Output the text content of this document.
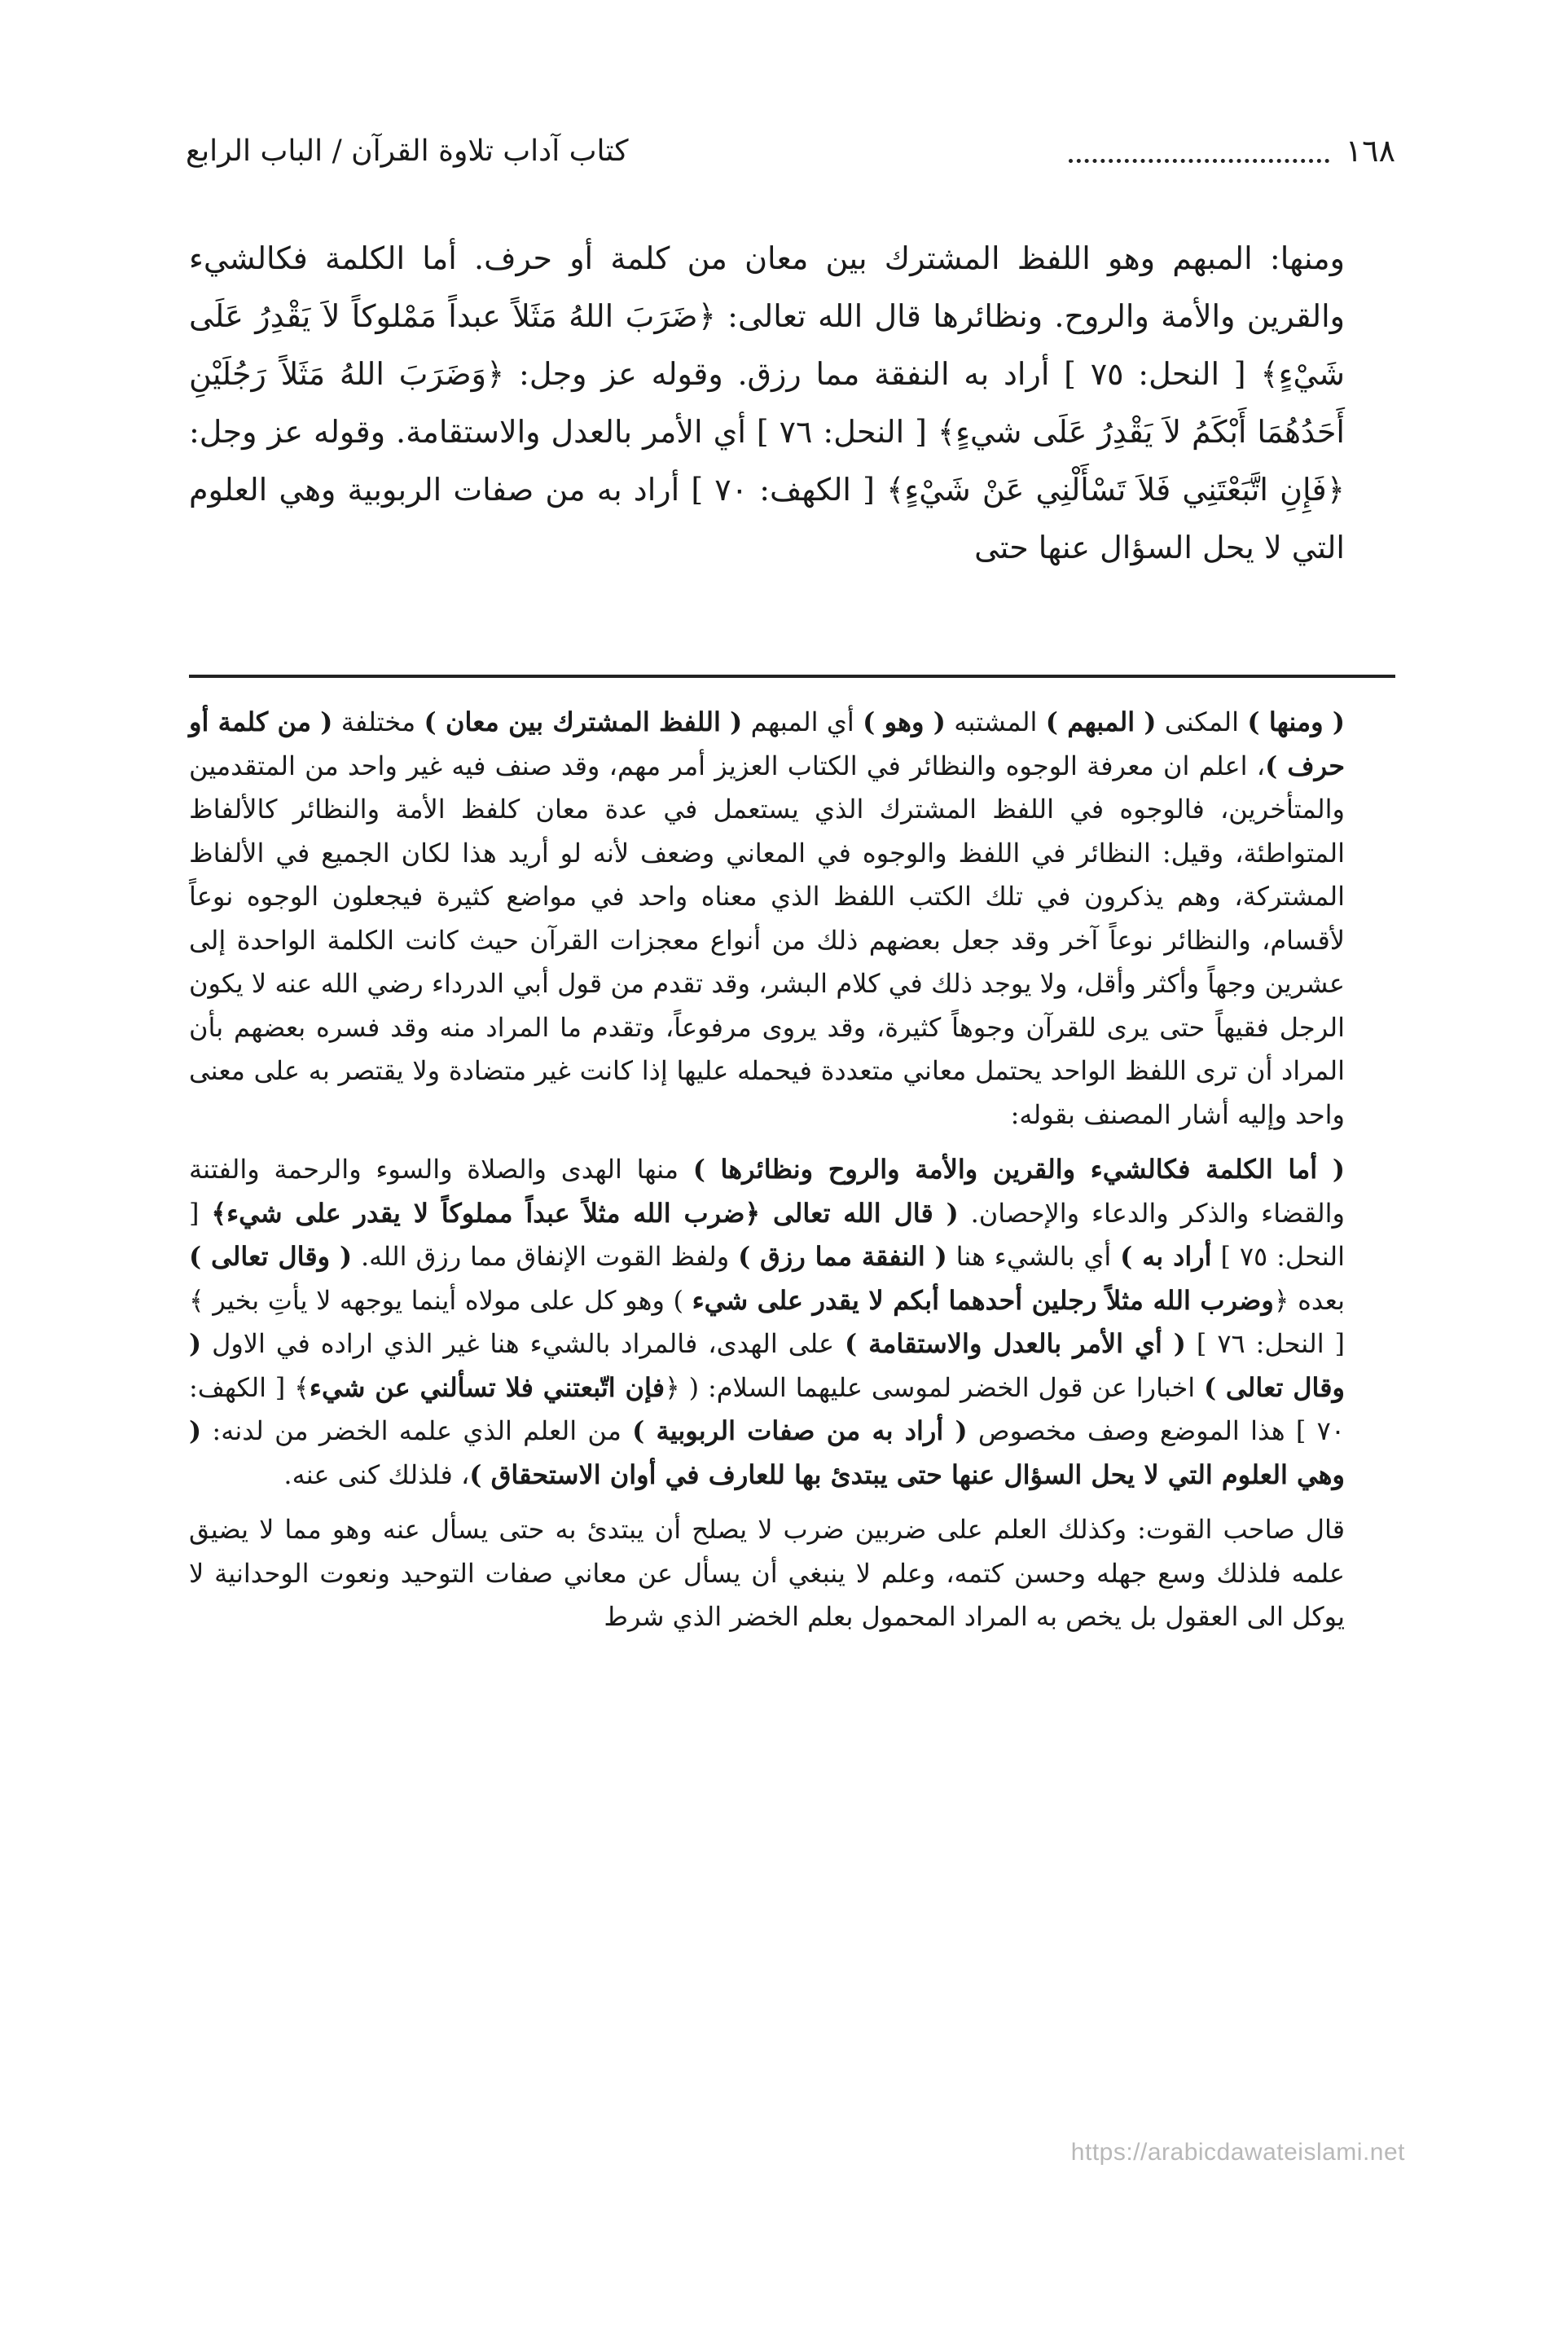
١٦٨
كتاب آداب تلاوة القرآن / الباب الرابع

ومنها: المبهم وهو اللفظ المشترك بين معان من كلمة أو حرف. أما الكلمة فكالشيء والقرين والأمة والروح. ونظائرها قال الله تعالى: ﴿ضَرَبَ اللهُ مَثَلاً عبداً مَمْلوكاً لاَ يَقْدِرُ عَلَى شَيْءٍ﴾ [ النحل: ٧٥ ] أراد به النفقة مما رزق. وقوله عز وجل: ﴿وَضَرَبَ اللهُ مَثَلاً رَجُلَيْنِ أَحَدُهُمَا أَبْكَمُ لاَ يَقْدِرُ عَلَى شيءٍ﴾ [ النحل: ٧٦ ] أي الأمر بالعدل والاستقامة. وقوله عز وجل: ﴿فَإِنِ اتَّبَعْتَنِي فَلاَ تَسْأَلْنِي عَنْ شَيْءٍ﴾ [ الكهف: ٧٠ ] أراد به من صفات الربوبية وهي العلوم التي لا يحل السؤال عنها حتى

( ومنها ) المكنى ( المبهم ) المشتبه ( وهو ) أي المبهم ( اللفظ المشترك بين معان ) مختلفة ( من كلمة أو حرف )، اعلم ان معرفة الوجوه والنظائر في الكتاب العزيز أمر مهم، وقد صنف فيه غير واحد من المتقدمين والمتأخرين، فالوجوه في اللفظ المشترك الذي يستعمل في عدة معان كلفظ الأمة والنظائر كالألفاظ المتواطئة، وقيل: النظائر في اللفظ والوجوه في المعاني وضعف لأنه لو أريد هذا لكان الجميع في الألفاظ المشتركة، وهم يذكرون في تلك الكتب اللفظ الذي معناه واحد في مواضع كثيرة فيجعلون الوجوه نوعاً لأقسام، والنظائر نوعاً آخر وقد جعل بعضهم ذلك من أنواع معجزات القرآن حيث كانت الكلمة الواحدة إلى عشرين وجهاً وأكثر وأقل، ولا يوجد ذلك في كلام البشر، وقد تقدم من قول أبي الدرداء رضي الله عنه لا يكون الرجل فقيهاً حتى يرى للقرآن وجوهاً كثيرة، وقد يروى مرفوعاً، وتقدم ما المراد منه وقد فسره بعضهم بأن المراد أن ترى اللفظ الواحد يحتمل معاني متعددة فيحمله عليها إذا كانت غير متضادة ولا يقتصر به على معنى واحد وإليه أشار المصنف بقوله:

( أما الكلمة فكالشيء والقرين والأمة والروح ونظائرها ) منها الهدى والصلاة والسوء والرحمة والفتنة والقضاء والذكر والدعاء والإحصان. ( قال الله تعالى ﴿ضرب الله مثلاً عبداً مملوكاً لا يقدر على شيء﴾ [ النحل: ٧٥ ] أراد به ) أي بالشيء هنا ( النفقة مما رزق ) ولفظ القوت الإنفاق مما رزق الله. ( وقال تعالى ) بعده ﴿وضرب الله مثلاً رجلين أحدهما أبكم لا يقدر على شيء ) وهو كل على مولاه أينما يوجهه لا يأتِ بخير ﴾ [ النحل: ٧٦ ] ( أي الأمر بالعدل والاستقامة ) على الهدى، فالمراد بالشيء هنا غير الذي اراده في الاول ( وقال تعالى ) اخبارا عن قول الخضر لموسى عليهما السلام: ( ﴿فإن اتّبعتني فلا تسألني عن شيء﴾ [ الكهف: ٧٠ ] هذا الموضع وصف مخصوص ( أراد به من صفات الربوبية ) من العلم الذي علمه الخضر من لدنه: ( وهي العلوم التي لا يحل السؤال عنها حتى يبتدئ بها للعارف في أوان الاستحقاق )، فلذلك كنى عنه.

قال صاحب القوت: وكذلك العلم على ضربين ضرب لا يصلح أن يبتدئ به حتى يسأل عنه وهو مما لا يضيق علمه فلذلك وسع جهله وحسن كتمه، وعلم لا ينبغي أن يسأل عن معاني صفات التوحيد ونعوت الوحدانية لا يوكل الى العقول بل يخص به المراد المحمول بعلم الخضر الذي شرط

https://arabicdawateislami.net
